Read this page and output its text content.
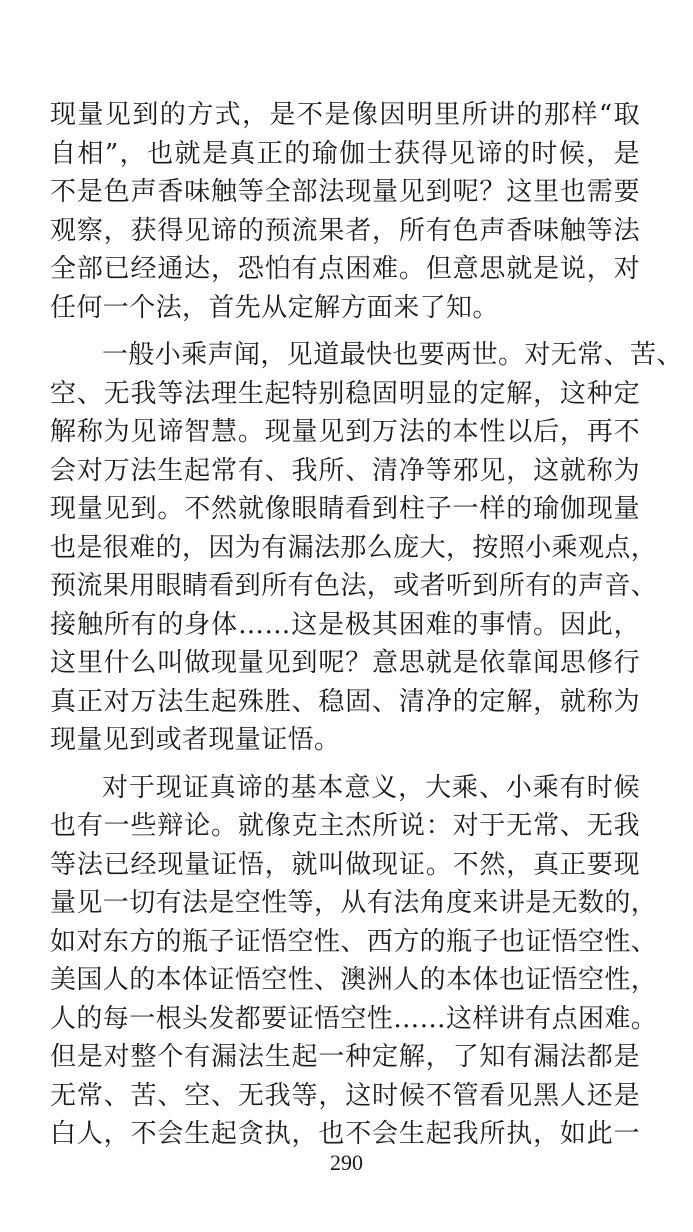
现量见到的方式，是不是像因明里所讲的那样“取
自相”，也就是真正的瑜伽士获得见谛的时候，是
不是色声香味触等全部法现量见到呢？这里也需要
观察，获得见谛的预流果者，所有色声香味触等法
全部已经通达，恐怕有点困难。但意思就是说，对
任何一个法，首先从定解方面来了知。

一般小乘声闻，见道最快也要两世。对无常、苦、
空、无我等法理生起特别稳固明显的定解，这种定
解称为见谛智慧。现量见到万法的本性以后，再不
会对万法生起常有、我所、清净等邪见，这就称为
现量见到。不然就像眼睛看到柱子一样的瑜伽现量
也是很难的，因为有漏法那么庞大，按照小乘观点，
预流果用眼睛看到所有色法，或者听到所有的声音、
接触所有的身体……这是极其困难的事情。因此，
这里什么叫做现量见到呢？意思就是依靠闻思修行
真正对万法生起殊胜、稳固、清净的定解，就称为
现量见到或者现量证悟。

对于现证真谛的基本意义，大乘、小乘有时候
也有一些辩论。就像克主杰所说：对于无常、无我
等法已经现量证悟，就叫做现证。不然，真正要现
量见一切有法是空性等，从有法角度来讲是无数的，
如对东方的瓶子证悟空性、西方的瓶子也证悟空性、
美国人的本体证悟空性、澳洲人的本体也证悟空性，
人的每一根头发都要证悟空性……这样讲有点困难。
但是对整个有漏法生起一种定解，了知有漏法都是
无常、苦、空、无我等，这时候不管看见黑人还是
白人，不会生起贪执，也不会生起我所执，如此一

290
